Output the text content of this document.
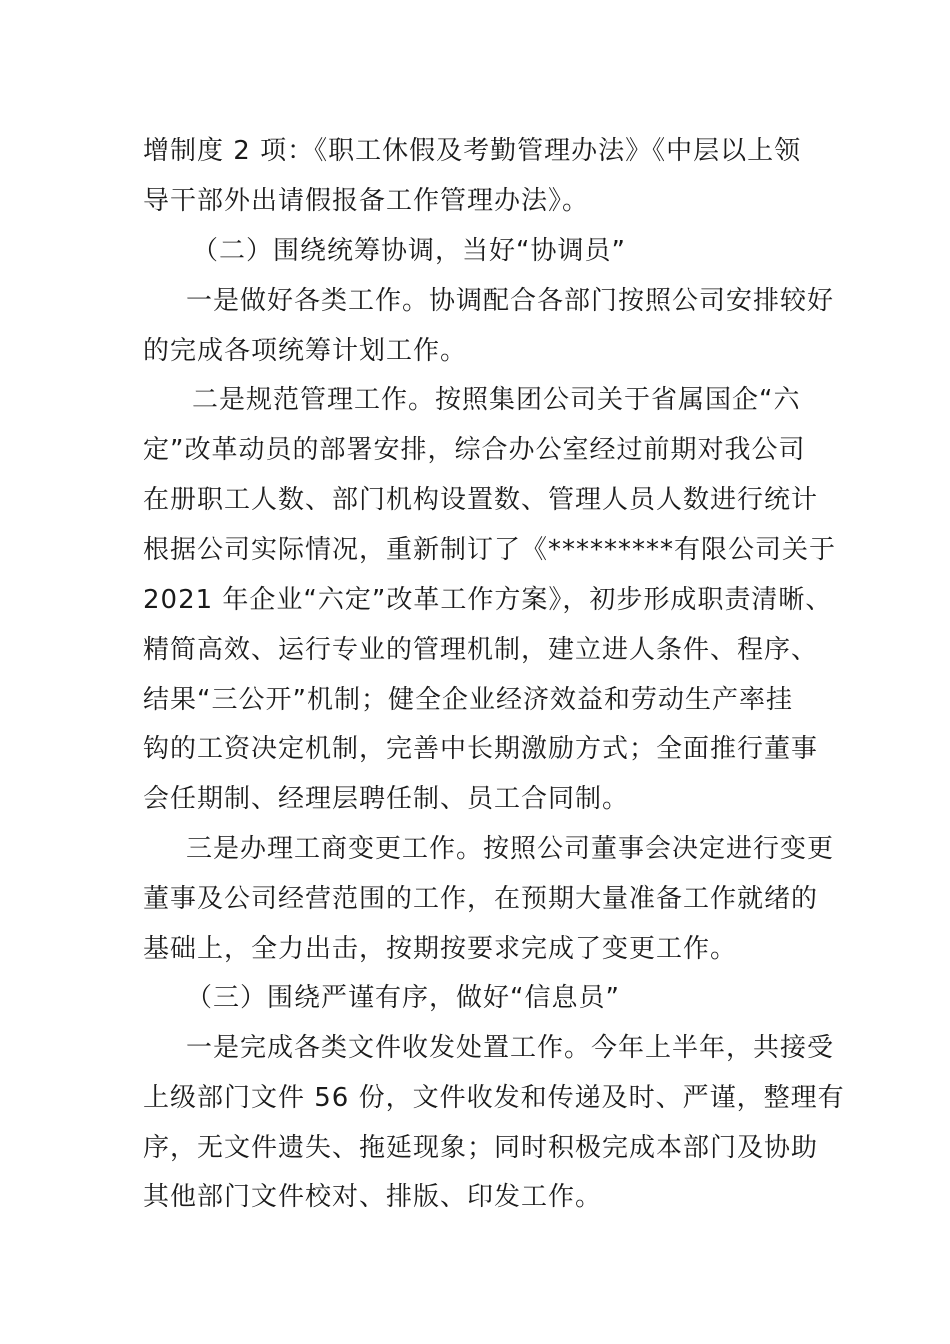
增制度 2 项：《职工休假及考勤管理办法》《中层以上领
导干部外出请假报备工作管理办法》。
（二）围绕统筹协调，当好“协调员”
一是做好各类工作。协调配合各部门按照公司安排较好
的完成各项统筹计划工作。
二是规范管理工作。按照集团公司关于省属国企“六
定”改革动员的部署安排，综合办公室经过前期对我公司
在册职工人数、部门机构设置数、管理人员人数进行统计
根据公司实际情况，重新制订了《*********有限公司关于
2021 年企业“六定”改革工作方案》，初步形成职责清晰、
精简高效、运行专业的管理机制，建立进人条件、程序、
结果“三公开”机制；健全企业经济效益和劳动生产率挂
钩的工资决定机制，完善中长期激励方式；全面推行董事
会任期制、经理层聘任制、员工合同制。
三是办理工商变更工作。按照公司董事会决定进行变更
董事及公司经营范围的工作，在预期大量准备工作就绪的
基础上，全力出击，按期按要求完成了变更工作。
（三）围绕严谨有序，做好“信息员”
一是完成各类文件收发处置工作。今年上半年，共接受
上级部门文件 56 份，文件收发和传递及时、严谨，整理有
序，无文件遗失、拖延现象；同时积极完成本部门及协助
其他部门文件校对、排版、印发工作。
